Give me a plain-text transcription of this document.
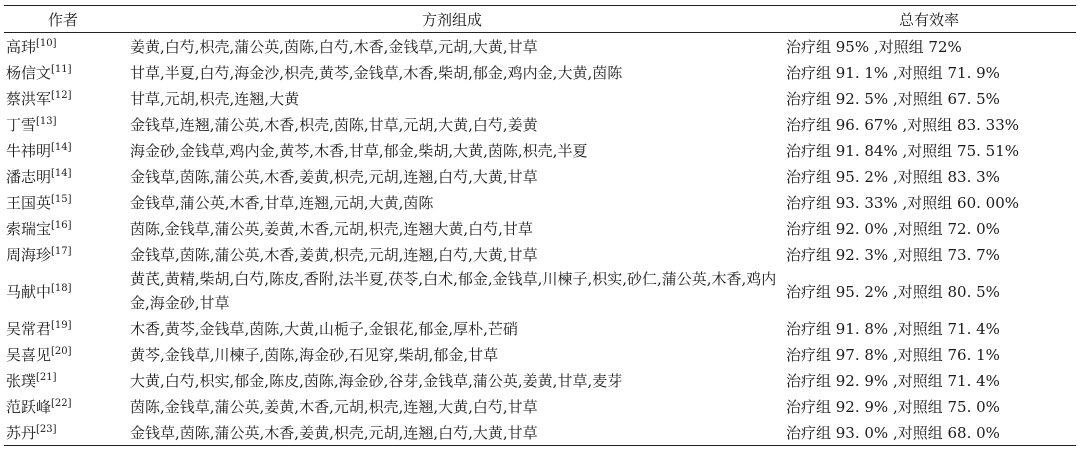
作者	方剂组成	总有效率
高玮[10]	姜黄,白芍,枳壳,蒲公英,茵陈,白芍,木香,金钱草,元胡,大黄,甘草	治疗组 95% ,对照组 72%
杨信文[11]	甘草,半夏,白芍,海金沙,枳壳,黄芩,金钱草,木香,柴胡,郁金,鸡内金,大黄,茵陈	治疗组 91. 1% ,对照组 71. 9%
蔡洪军[12]	甘草,元胡,枳壳,连翘,大黄	治疗组 92. 5% ,对照组 67. 5%
丁雪[13]	金钱草,连翘,蒲公英,木香,枳壳,茵陈,甘草,元胡,大黄,白芍,姜黄	治疗组 96. 67% ,对照组 83. 33%
牛祎明[14]	海金砂,金钱草,鸡内金,黄芩,木香,甘草,郁金,柴胡,大黄,茵陈,枳壳,半夏	治疗组 91. 84% ,对照组 75. 51%
潘志明[14]	金钱草,茵陈,蒲公英,木香,姜黄,枳壳,元胡,连翘,白芍,大黄,甘草	治疗组 95. 2% ,对照组 83. 3%
王国英[15]	金钱草,蒲公英,木香,甘草,连翘,元胡,大黄,茵陈	治疗组 93. 33% ,对照组 60. 00%
索瑞宝[16]	茵陈,金钱草,蒲公英,姜黄,木香,元胡,枳壳,连翘大黄,白芍,甘草	治疗组 92. 0% ,对照组 72. 0%
周海珍[17]	金钱草,茵陈,蒲公英,木香,姜黄,枳壳,元胡,连翘,白芍,大黄,甘草	治疗组 92. 3% ,对照组 73. 7%
马献中[18]	黄芪,黄精,柴胡,白芍,陈皮,香附,法半夏,茯苓,白术,郁金,金钱草,川楝子,枳实,砂仁,蒲公英,木香,鸡内金,海金砂,甘草	治疗组 95. 2% ,对照组 80. 5%
吴常君[19]	木香,黄芩,金钱草,茵陈,大黄,山栀子,金银花,郁金,厚朴,芒硝	治疗组 91. 8% ,对照组 71. 4%
吴喜见[20]	黄芩,金钱草,川楝子,茵陈,海金砂,石见穿,柴胡,郁金,甘草	治疗组 97. 8% ,对照组 76. 1%
张璞[21]	大黄,白芍,枳实,郁金,陈皮,茵陈,海金砂,谷芽,金钱草,蒲公英,姜黄,甘草,麦芽	治疗组 92. 9% ,对照组 71. 4%
范跃峰[22]	茵陈,金钱草,蒲公英,姜黄,木香,元胡,枳壳,连翘,大黄,白芍,甘草	治疗组 92. 9% ,对照组 75. 0%
苏丹[23]	金钱草,茵陈,蒲公英,木香,姜黄,枳壳,元胡,连翘,白芍,大黄,甘草	治疗组 93. 0% ,对照组 68. 0%
